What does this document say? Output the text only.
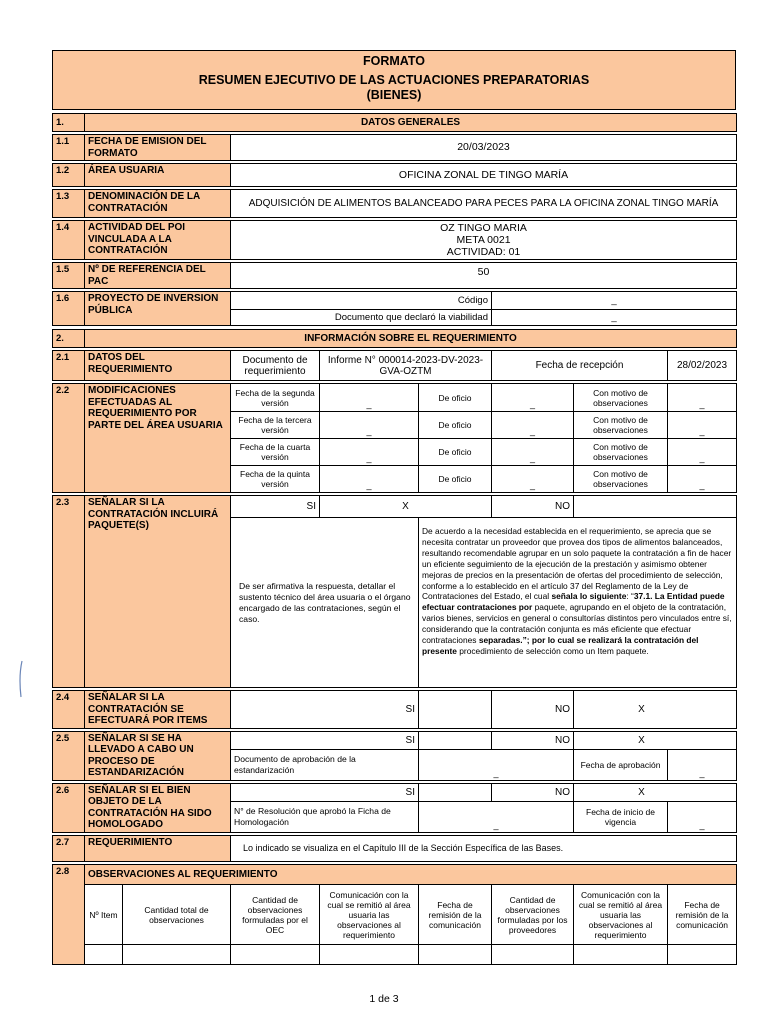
FORMATO
RESUMEN EJECUTIVO DE LAS ACTUACIONES PREPARATORIAS
(BIENES)
1.	DATOS GENERALES		

1.1	FECHA DE EMISION DEL FORMATO	20/03/2023	

1.2	ÁREA USUARIA	OFICINA ZONAL DE TINGO MARÍA	

1.3	DENOMINACIÓN DE LA CONTRATACIÓN	ADQUISICIÓN DE ALIMENTOS BALANCEADO PARA PECES PARA LA OFICINA ZONAL TINGO MARÍA	

1.4	ACTIVIDAD DEL POI VINCULADA A LA CONTRATACIÓN	OZ TINGO MARIA
META 0021
ACTIVIDAD: 01	

1.5	Nº DE REFERENCIA DEL PAC	50	

1.6	PROYECTO DE INVERSION PÚBLICA	Código	_
		Documento que declaró la viabilidad	_
2.	INFORMACIÓN SOBRE EL REQUERIMIENTO						

2.1	DATOS DEL REQUERIMIENTO	Documento de requerimiento	Informe N° 000014-2023-DV-2023-GVA-OZTM		Fecha de recepción		28/02/2023

2.2	MODIFICACIONES EFECTUADAS AL REQUERIMIENTO POR PARTE DEL ÁREA USUARIA	Fecha de la segunda versión	_	De oficio	_	Con motivo de observaciones	_
		Fecha de la tercera versión	_	De oficio	_	Con motivo de observaciones	_
		Fecha de la cuarta versión	_	De oficio	_	Con motivo de observaciones	_
		Fecha de la quinta versión	_	De oficio	_	Con motivo de observaciones	_

2.3	SEÑALAR SI LA CONTRATACIÓN INCLUIRÁ PAQUETE(S)	SI	X		NO		
		De ser afirmativa la respuesta, detallar el sustento técnico del área usuaria o el órgano encargado de las contrataciones, según el caso.		De acuerdo a la necesidad establecida en el requerimiento, se aprecia que se necesita contratar un proveedor que provea dos tipos de alimentos balanceados, resultando recomendable agrupar en un solo paquete la contratación a fin de hacer un eficiente seguimiento de la ejecución de la prestación y asimismo obtener mejoras de precios en la presentación de ofertas del procedimiento de selección, conforme a lo establecido en el artículo 37 del Reglamento de la Ley de Contrataciones del Estado, el cual señala lo siguiente: “37.1. La Entidad puede efectuar contrataciones por paquete, agrupando en el objeto de la contratación, varios bienes, servicios en general o consultorías distintos pero vinculados entre sí, considerando que la contratación conjunta es más eficiente que efectuar contrataciones separadas.”; por lo cual se realizará la contratación del presente procedimiento de selección como un Item paquete.			

2.4	SEÑALAR SI LA CONTRATACIÓN SE EFECTUARÁ POR ITEMS	SI			NO	X	

2.5	SEÑALAR SI SE HA LLEVADO A CABO UN PROCESO DE ESTANDARIZACIÓN	SI			NO	X	
		Documento de aprobación de la estandarización		_		Fecha de aprobación	_

2.6	SEÑALAR SI EL BIEN OBJETO DE LA CONTRATACIÓN HA SIDO HOMOLOGADO	SI			NO	X	
		N° de Resolución que aprobó la Ficha de Homologación		_		Fecha de inicio de vigencia	_

2.7	REQUERIMIENTO	Lo indicado se visualiza en el Capítulo III de la Sección Específica de las Bases.					

2.8	OBSERVACIONES AL REQUERIMIENTO							
	Nº Item	Cantidad total de observaciones	Cantidad de observaciones formuladas por el OEC	Comunicación con la cual se remitió al área usuaria las observaciones al requerimiento	Fecha de remisión de la comunicación	Cantidad de observaciones formuladas por los proveedores	Comunicación con la cual se remitió al área usuaria las observaciones al requerimiento	Fecha de remisión de la comunicación

1 de 3
